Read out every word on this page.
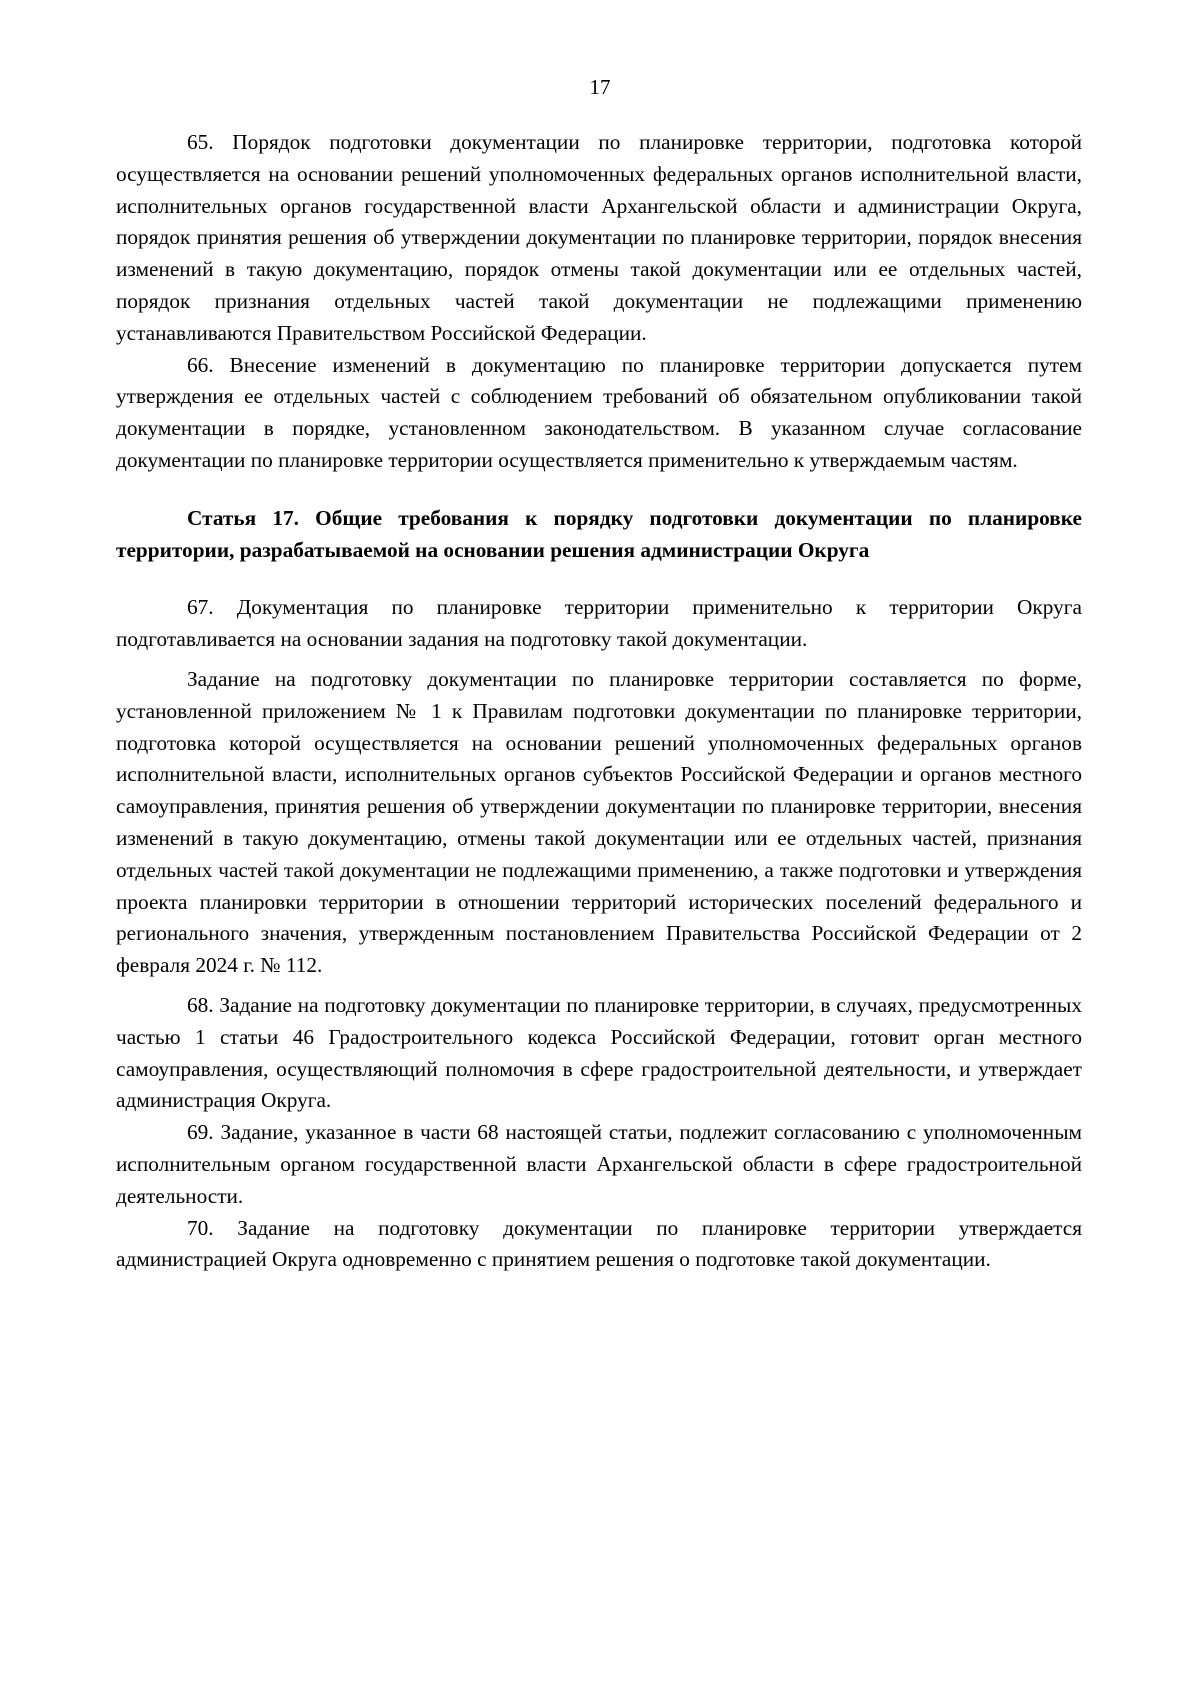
17

65. Порядок подготовки документации по планировке территории, подготовка которой осуществляется на основании решений уполномоченных федеральных органов исполнительной власти, исполнительных органов государственной власти Архангельской области и администрации Округа, порядок принятия решения об утверждении документации по планировке территории, порядок внесения изменений в такую документацию, порядок отмены такой документации или ее отдельных частей, порядок признания отдельных частей такой документации не подлежащими применению устанавливаются Правительством Российской Федерации.

66. Внесение изменений в документацию по планировке территории допускается путем утверждения ее отдельных частей с соблюдением требований об обязательном опубликовании такой документации в порядке, установленном законодательством. В указанном случае согласование документации по планировке территории осуществляется применительно к утверждаемым частям.

Статья 17. Общие требования к порядку подготовки документации по планировке территории, разрабатываемой на основании решения администрации Округа

67. Документация по планировке территории применительно к территории Округа подготавливается на основании задания на подготовку такой документации.

Задание на подготовку документации по планировке территории составляется по форме, установленной приложением № 1 к Правилам подготовки документации по планировке территории, подготовка которой осуществляется на основании решений уполномоченных федеральных органов исполнительной власти, исполнительных органов субъектов Российской Федерации и органов местного самоуправления, принятия решения об утверждении документации по планировке территории, внесения изменений в такую документацию, отмены такой документации или ее отдельных частей, признания отдельных частей такой документации не подлежащими применению, а также подготовки и утверждения проекта планировки территории в отношении территорий исторических поселений федерального и регионального значения, утвержденным постановлением Правительства Российской Федерации от 2 февраля 2024 г. № 112.

68. Задание на подготовку документации по планировке территории, в случаях, предусмотренных частью 1 статьи 46 Градостроительного кодекса Российской Федерации, готовит орган местного самоуправления, осуществляющий полномочия в сфере градостроительной деятельности, и утверждает администрация Округа.

69. Задание, указанное в части 68 настоящей статьи, подлежит согласованию с уполномоченным исполнительным органом государственной власти Архангельской области в сфере градостроительной деятельности.

70. Задание на подготовку документации по планировке территории утверждается администрацией Округа одновременно с принятием решения о подготовке такой документации.
